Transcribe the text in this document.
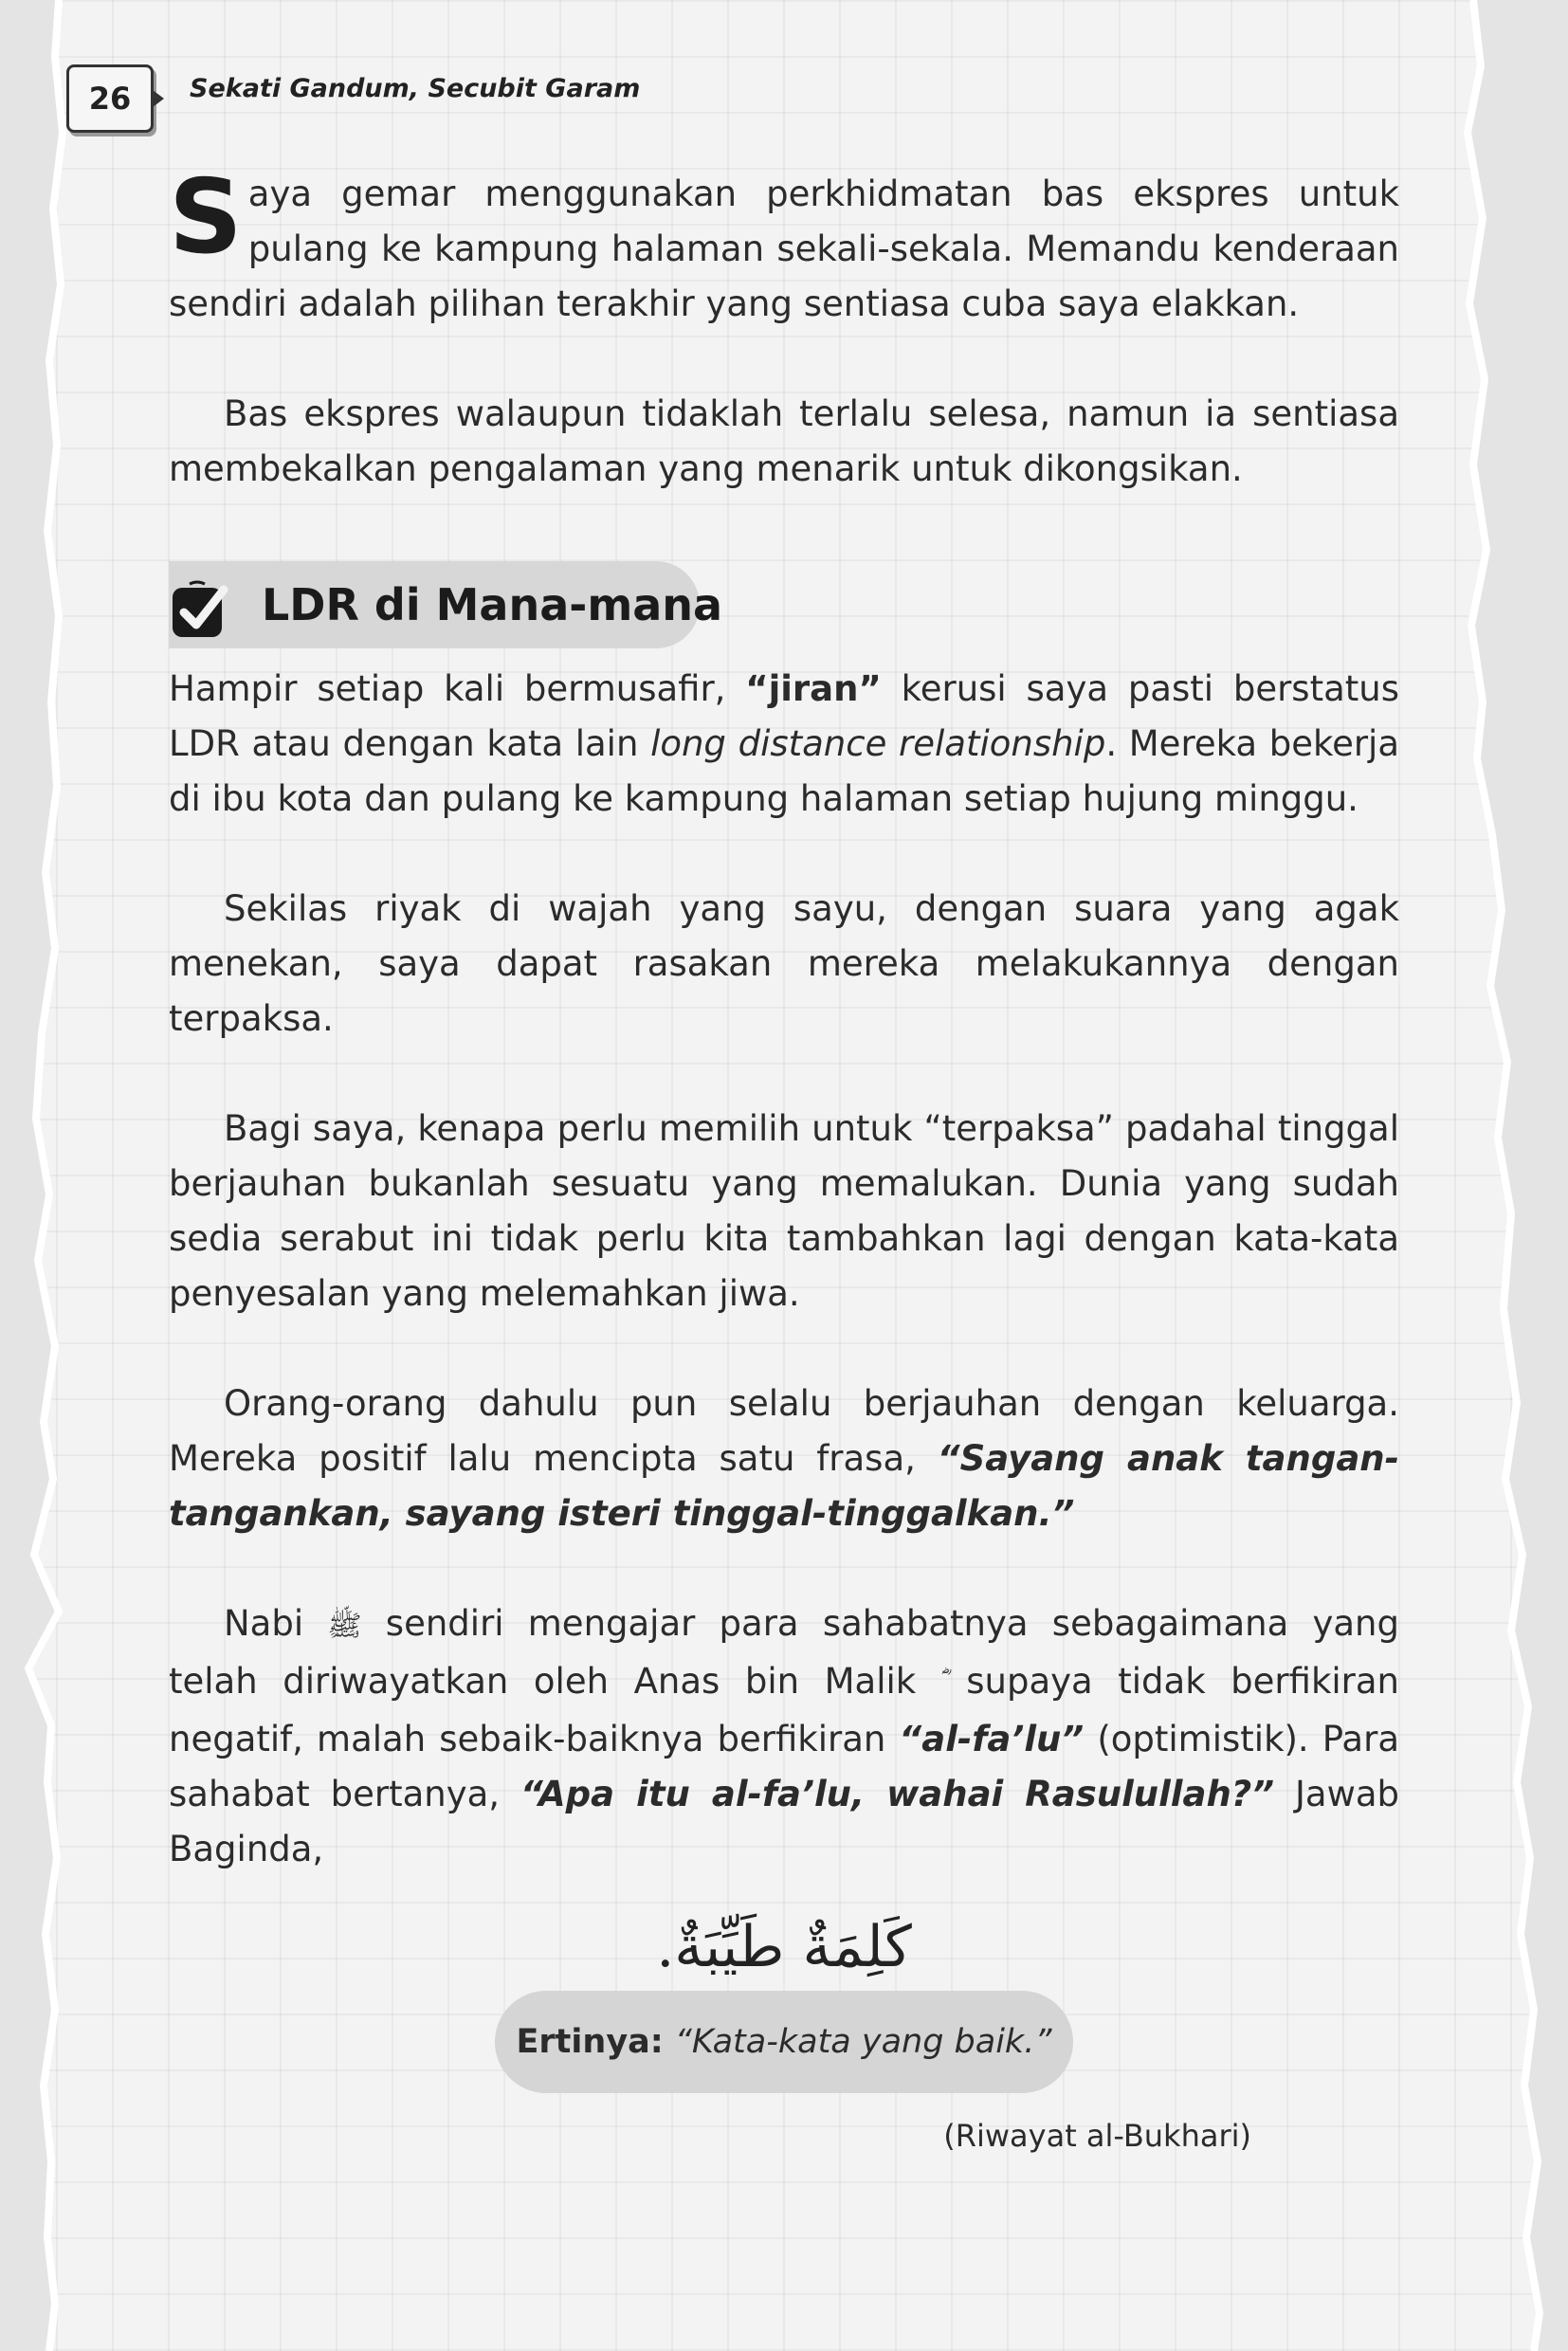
26	Sekati Gandum, Secubit Garam

Saya gemar menggunakan perkhidmatan bas ekspres untuk pulang ke kampung halaman sekali-sekala. Memandu kenderaan sendiri adalah pilihan terakhir yang sentiasa cuba saya elakkan.

Bas ekspres walaupun tidaklah terlalu selesa, namun ia sentiasa membekalkan pengalaman yang menarik untuk dikongsikan.

LDR di Mana-mana

Hampir setiap kali bermusafir, “jiran” kerusi saya pasti berstatus LDR atau dengan kata lain long distance relationship. Mereka bekerja di ibu kota dan pulang ke kampung halaman setiap hujung minggu.

Sekilas riyak di wajah yang sayu, dengan suara yang agak menekan, saya dapat rasakan mereka melakukannya dengan terpaksa.

Bagi saya, kenapa perlu memilih untuk “terpaksa” padahal tinggal berjauhan bukanlah sesuatu yang memalukan. Dunia yang sudah sedia serabut ini tidak perlu kita tambahkan lagi dengan kata-kata penyesalan yang melemahkan jiwa.

Orang-orang dahulu pun selalu berjauhan dengan keluarga. Mereka positif lalu mencipta satu frasa, “Sayang anak tangan-tangankan, sayang isteri tinggal-tinggalkan.”

Nabi ﷺ sendiri mengajar para sahabatnya sebagaimana yang telah diriwayatkan oleh Anas bin Malik supaya tidak berfikiran negatif, malah sebaik-baiknya berfikiran “al-fa’lu” (optimistik). Para sahabat bertanya, “Apa itu al-fa’lu, wahai Rasulullah?” Jawab Baginda,

كَلِمَةٌ طَيِّبَةٌ.
Ertinya: “Kata-kata yang baik.”
(Riwayat al-Bukhari)
